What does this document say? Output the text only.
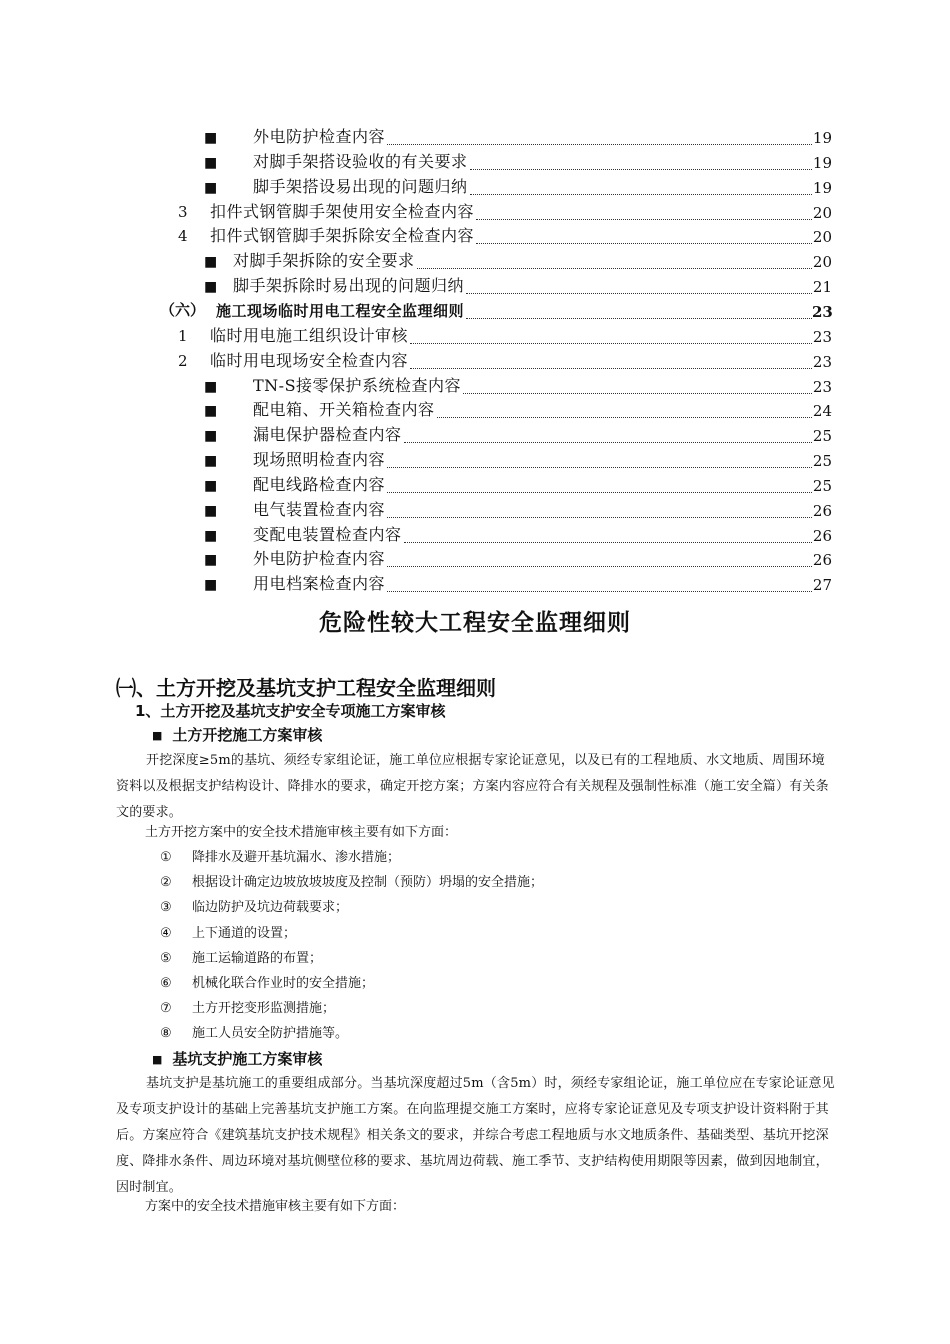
■ 外电防护检查内容	19
■ 对脚手架搭设验收的有关要求	19
■ 脚手架搭设易出现的问题归纳	19
3 扣件式钢管脚手架使用安全检查内容	20
4 扣件式钢管脚手架拆除安全检查内容	20
■ 对脚手架拆除的安全要求	20
■ 脚手架拆除时易出现的问题归纳	21
（六） 施工现场临时用电工程安全监理细则	23
1 临时用电施工组织设计审核	23
2 临时用电现场安全检查内容	23
■ TN-S接零保护系统检查内容	23
■ 配电箱、开关箱检查内容	24
■ 漏电保护器检查内容	25
■ 现场照明检查内容	25
■ 配电线路检查内容	25
■ 电气装置检查内容	26
■ 变配电装置检查内容	26
■ 外电防护检查内容	26
■ 用电档案检查内容	27
危险性较大工程安全监理细则
㈠、土方开挖及基坑支护工程安全监理细则
1、土方开挖及基坑支护安全专项施工方案审核
■ 土方开挖施工方案审核
开挖深度≥5m的基坑、须经专家组论证，施工单位应根据专家论证意见，以及已有的工程地质、水文地质、周围环境资料以及根据支护结构设计、降排水的要求，确定开挖方案；方案内容应符合有关规程及强制性标准（施工安全篇）有关条文的要求。
土方开挖方案中的安全技术措施审核主要有如下方面：
① 降排水及避开基坑漏水、渗水措施；
② 根据设计确定边坡放坡坡度及控制（预防）坍塌的安全措施；
③ 临边防护及坑边荷载要求；
④ 上下通道的设置；
⑤ 施工运输道路的布置；
⑥ 机械化联合作业时的安全措施；
⑦ 土方开挖变形监测措施；
⑧ 施工人员安全防护措施等。
■ 基坑支护施工方案审核
基坑支护是基坑施工的重要组成部分。当基坑深度超过5m（含5m）时，须经专家组论证，施工单位应在专家论证意见及专项支护设计的基础上完善基坑支护施工方案。在向监理提交施工方案时，应将专家论证意见及专项支护设计资料附于其后。方案应符合《建筑基坑支护技术规程》相关条文的要求，并综合考虑工程地质与水文地质条件、基础类型、基坑开挖深度、降排水条件、周边环境对基坑侧壁位移的要求、基坑周边荷载、施工季节、支护结构使用期限等因素，做到因地制宜，因时制宜。
方案中的安全技术措施审核主要有如下方面：
